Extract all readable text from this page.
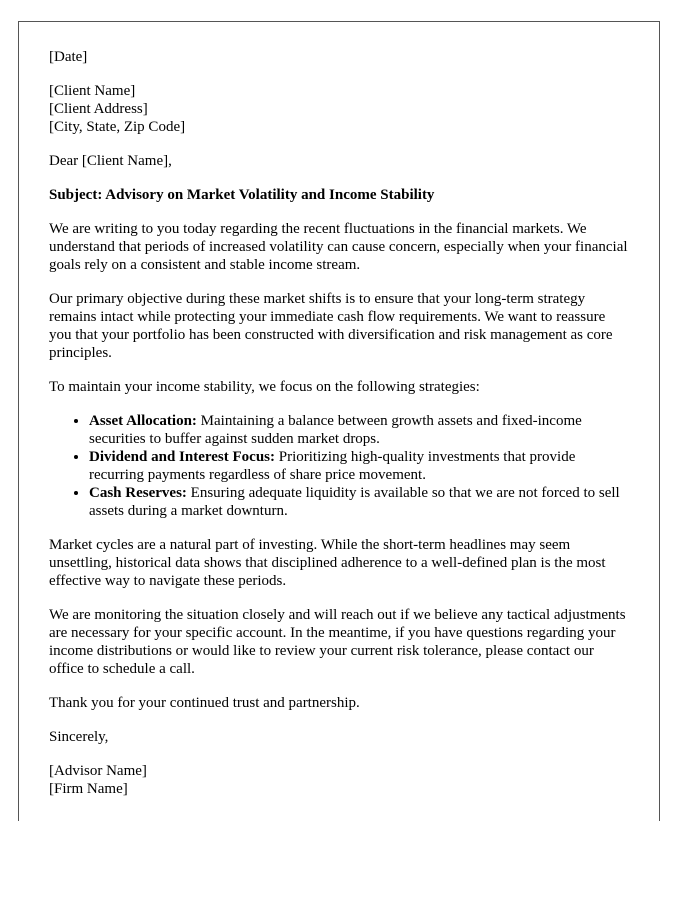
[Date]

[Client Name]
[Client Address]
[City, State, Zip Code]

Dear [Client Name],

Subject: Advisory on Market Volatility and Income Stability

We are writing to you today regarding the recent fluctuations in the financial markets. We understand that periods of increased volatility can cause concern, especially when your financial goals rely on a consistent and stable income stream.

Our primary objective during these market shifts is to ensure that your long-term strategy remains intact while protecting your immediate cash flow requirements. We want to reassure you that your portfolio has been constructed with diversification and risk management as core principles.

To maintain your income stability, we focus on the following strategies:

• Asset Allocation: Maintaining a balance between growth assets and fixed-income securities to buffer against sudden market drops.
• Dividend and Interest Focus: Prioritizing high-quality investments that provide recurring payments regardless of share price movement.
• Cash Reserves: Ensuring adequate liquidity is available so that we are not forced to sell assets during a market downturn.

Market cycles are a natural part of investing. While the short-term headlines may seem unsettling, historical data shows that disciplined adherence to a well-defined plan is the most effective way to navigate these periods.

We are monitoring the situation closely and will reach out if we believe any tactical adjustments are necessary for your specific account. In the meantime, if you have questions regarding your income distributions or would like to review your current risk tolerance, please contact our office to schedule a call.

Thank you for your continued trust and partnership.

Sincerely,

[Advisor Name]
[Firm Name]
